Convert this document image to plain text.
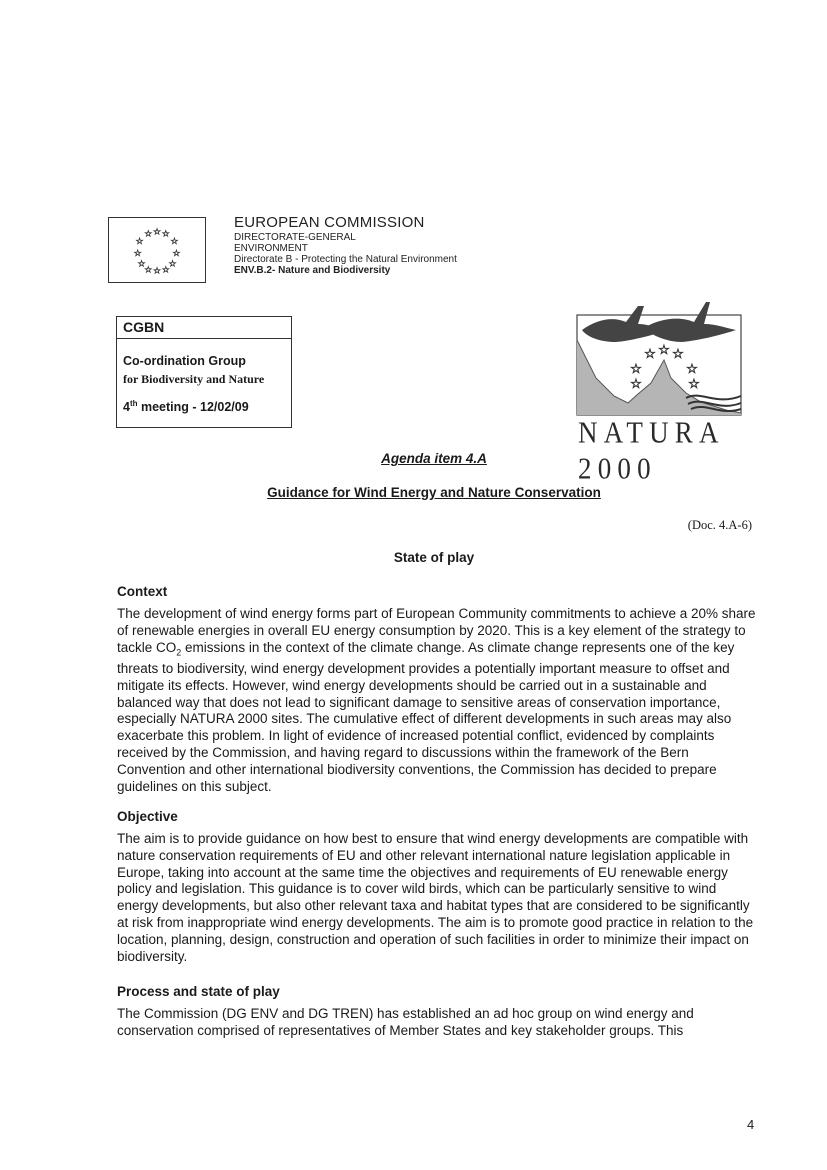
☆
☆ ☆
☆	☆
☆	☆
☆	☆
☆ ☆ ☆
EUROPEAN COMMISSION
DIRECTORATE-GENERAL
ENVIRONMENT
Directorate B - Protecting the Natural Environment
ENV.B.2- Nature and Biodiversity
CGBN
Co-ordination Group
for Biodiversity and Nature
4th meeting - 12/02/09
☆ ☆ ☆
☆	☆
☆	☆
NATURA 2000
Agenda item 4.A
Guidance for Wind Energy and Nature Conservation
(Doc. 4.A-6)
State of play
Context
The development of wind energy forms part of European Community commitments to achieve a 20% share of renewable energies in overall EU energy consumption by 2020. This is a key element of the strategy to tackle $CO_2$ emissions in the context of the climate change. As climate change represents one of the key threats to biodiversity, wind energy development provides a potentially important measure to offset and mitigate its effects. However, wind energy developments should be carried out in a sustainable and balanced way that does not lead to significant damage to sensitive areas of conservation importance, especially NATURA 2000 sites. The cumulative effect of different developments in such areas may also exacerbate this problem. In light of evidence of increased potential conflict, evidenced by complaints received by the Commission, and having regard to discussions within the framework of the Bern Convention and other international biodiversity conventions, the Commission has decided to prepare guidelines on this subject.
Objective
The aim is to provide guidance on how best to ensure that wind energy developments are compatible with nature conservation requirements of EU and other relevant international nature legislation applicable in Europe, taking into account at the same time the objectives and requirements of EU renewable energy policy and legislation. This guidance is to cover wild birds, which can be particularly sensitive to wind energy developments, but also other relevant taxa and habitat types that are considered to be significantly at risk from inappropriate wind energy developments. The aim is to promote good practice in relation to the location, planning, design, construction and operation of such facilities in order to minimize their impact on biodiversity.
Process and state of play
The Commission (DG ENV and DG TREN) has established an ad hoc group on wind energy and conservation comprised of representatives of Member States and key stakeholder groups. This
4
